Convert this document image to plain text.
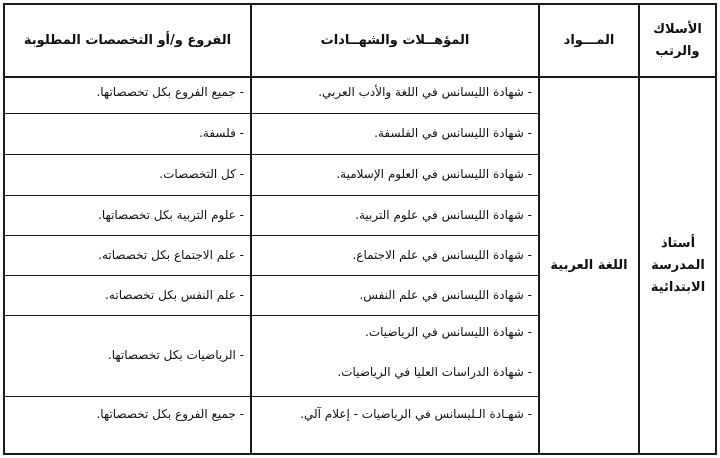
الأسلاك والرتب
المـــواد
المؤهــلات والشهــادات
الفروع و/أو التخصصات المطلوبة
أستاذ المدرسة الابتدائية
اللغة العربية
- شهادة الليسانس في اللغة والأدب العربي.
- جميع الفروع بكل تخصصاتها.
- شهادة الليسانس في الفلسفة.
- فلسفة.
- شهادة الليسانس في العلوم الإسلامية.
- كل التخصصات.
- شهادة الليسانس في علوم التربية.
- علوم التربية بكل تخصصاتها.
- شهادة الليسانس في علم الاجتماع.
- علم الاجتماع بكل تخصصاته.
- شهادة الليسانس في علم النفس.
- علم النفس بكل تخصصاته.
- شهادة الليسانس في الرياضيات.
- شهادة الدراسات العليا في الرياضيات.
- الرياضيات بكل تخصصاتها.
- شهـادة الـليسانس في الرياضيات - إعلام آلي.
- جميع الفروع بكل تخصصاتها.
